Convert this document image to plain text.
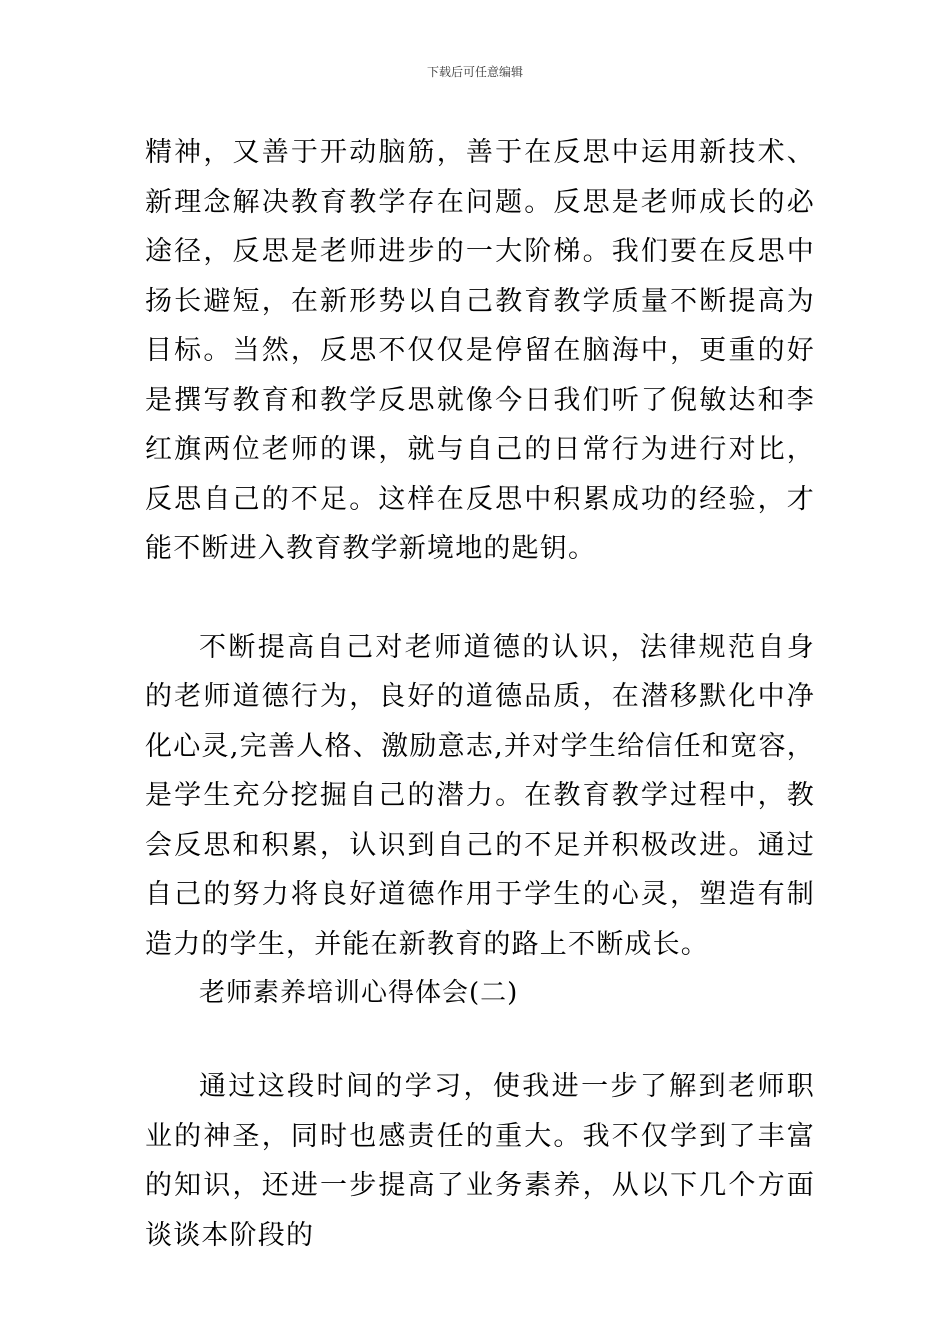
下载后可任意编辑

精神，又善于开动脑筋，善于在反思中运用新技术、新理念解决教育教学存在问题。反思是老师成长的必途径，反思是老师进步的一大阶梯。我们要在反思中扬长避短，在新形势以自己教育教学质量不断提高为目标。当然，反思不仅仅是停留在脑海中，更重的好是撰写教育和教学反思就像今日我们听了倪敏达和李红旗两位老师的课，就与自己的日常行为进行对比，反思自己的不足。这样在反思中积累成功的经验，才能不断进入教育教学新境地的匙钥。

不断提高自己对老师道德的认识，法律规范自身的老师道德行为，良好的道德品质，在潜移默化中净化心灵,完善人格、激励意志,并对学生给信任和宽容，是学生充分挖掘自己的潜力。在教育教学过程中，教会反思和积累，认识到自己的不足并积极改进。通过自己的努力将良好道德作用于学生的心灵，塑造有制造力的学生，并能在新教育的路上不断成长。

老师素养培训心得体会(二)

通过这段时间的学习，使我进一步了解到老师职业的神圣，同时也感责任的重大。我不仅学到了丰富的知识，还进一步提高了业务素养，从以下几个方面谈谈本阶段的
